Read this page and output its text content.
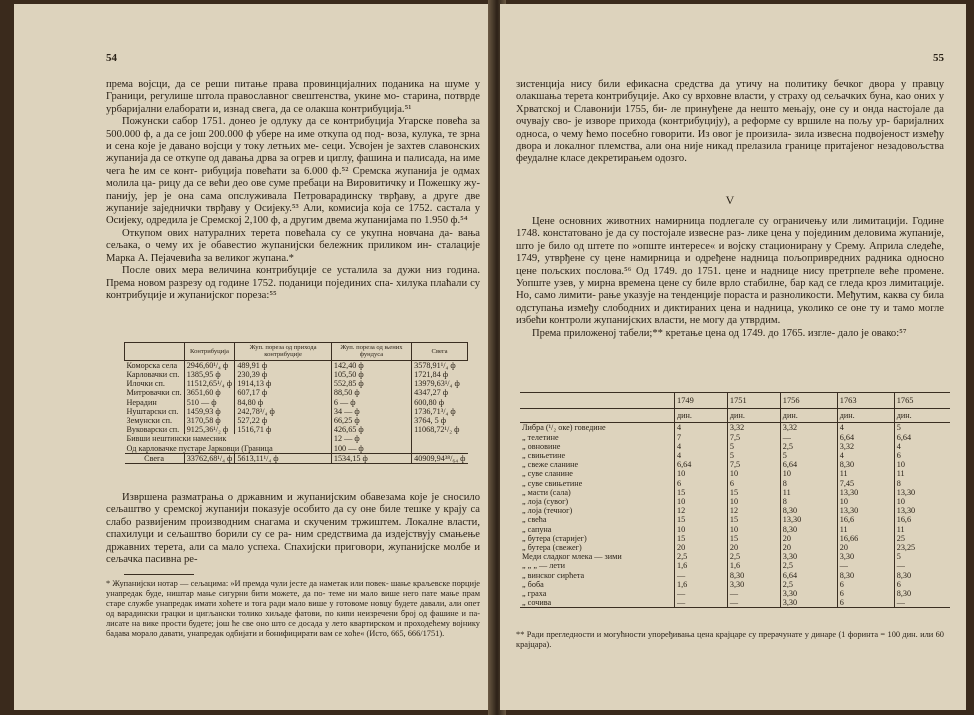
54

према војсци, да се реши питање права провинцијалних поданика на шуме у Граници, регулише штола православног свештенства, укине мо- старина, потврде урбаријални елаборати и, изнад свега, да се олакша контрибуција.⁵¹

Пожунски сабор 1751. донео је одлуку да се контрибуција Угарске повећа за 500.000 ф, а да се још 200.000 ф убере на име откупа од под- воза, кулука, те зрна и сена које је давано војсци у току летњих ме- сеци. Усвојен је захтев славонских жупанија да се откупе од давања дрва за огрев и циглу, фашина и палисада, на име чега ће им се конт- рибуција повећати за 6.000 ф.⁵² Сремска жупанија је одмах молила ца- рицу да се већи део ове суме пребаци на Вировитичку и Пожешку жу- панију, јер је она сама опслуживала Петроварадинску тврђаву, а друге две жупаније заједнички тврђаву у Осијеку.⁵³ Али, комисија која се 1752. састала у Осијеку, одредила је Сремској 2,100 ф, а другим двема жупанијама по 1.950 ф.⁵⁴

Откупом ових натуралних терета повећала су се укупна новчана да- вања сељака, о чему их је обавестио жупанијски бележник приликом ин- сталације Марка А. Пејачевића за великог жупана.*

После ових мера величина контрибуције се усталила за дужи низ година. Према новом разрезу од године 1752. поданици појединих спа- хилука плаћали су контрибуције и жупанијског пореза:⁵⁵

	Контрибуција	Жуп. пореза од прихода контрибуције	Жуп. пореза од њених фундуса	Свега
Коморска села	2946,60¹/₄ ф	489,91 ф	142,40 ф	3578,91¹/₄ ф
Карловачки сп.	1385,95 ф	230,39 ф	105,50 ф	1721,84 ф
Илочки сп.	11512,65¹/₄ ф	1914,13 ф	552,85 ф	13979,63¹/₄ ф
Митровачки сп.	3651,60 ф	607,17 ф	88,50 ф	4347,27 ф
Нерадин	510 — ф	84,80 ф	6 — ф	600,80 ф
Нуштарски сп.	1459,93 ф	242,78³/₄ ф	34 — ф	1736,71³/₄ ф
Земунски сп.	3170,58 ф	527,22 ф	66,25 ф	3764, 5 ф
Вуковарски сп.	9125,36¹/₂ ф	1516,71 ф	426,65 ф	11068,72¹/₂ ф
Бивши нештински намесник			12 — ф	
Од карловачке пустаре Јарковци (Граница			100 — ф	
Свега	33762,68¹/₄ ф	5613,11¹/₄ ф	1534,15 ф	40909,94³⁸/₆₄ ф

Извршена разматрања о државним и жупанијским обавезама које је сносило сељаштво у сремској жупанији показује особито да су оне биле тешке у крају са слабо развијеним производним снагама и скученим тржиштем. Локалне власти, спахилуци и сељаштво борили су се ра- ним средствима да издејствују смањење државних терета, али са мало успеха. Спахијски приговори, жупанијске молбе и сељачка пасивна ре-

* Жупанијски нотар — сељацима: »И премда чули јесте да наметак или повек- шање краљевске порције унапредак буде, ништар мање сигурни бити можете, да по- теме ни мало више него пате мање прам старе службе унапредак имати хоћете и тога ради мало више у готовоме новцу будете давали, али опет од варадински грацки и цигљански толико хиљаде фатови, по кипи неизречени број од фашине и па- лисате на вике прости будете; још ће све оно што се досада у лето квартирском и проходећему војнику бадава морало давати, унапредак одбијати и бонифицирати вам се хоће« (Исто, 665, 666/1751).
55

зистенција нису били ефикасна средства да утичу на политику бечког двора у правцу олакшања терета контрибуције. Ако су врховне власти, у страху од сељачких буна, као оних у Хрватској и Славонији 1755, би- ле принуђене да нешто мењају, оне су и онда настојале да очувају сво- је изворе прихода (контрибуцију), а реформе су вршиле на пољу ур- баријалних односа, о чему ћемо посебно говорити. Из овог је произила- зила извесна подвојеност између двора и локалног племства, али она није никад прелазила границе притајеног незадовољства феудалне класе декретирањем одозго.

V

Цене основних животних намирница подлегале су ограничењу или лимитацији. Године 1748. констатовано је да су постојале извесне раз- лике цена у појединим деловима жупаније, што је било од штете по »опште интересе« и војску стационирану у Срему. Априла следеће, 1749, утврђене су цене намирница и одређене надница пољопривредних радника односно цене пољских послова.⁵⁶ Од 1749. до 1751. цене и наднице нису претрпеле веће промене. Уопште узев, у мирна времена цене су биле врло стабилне, бар кад се гледа кроз лимитације. Но, само лимити- рање указује на тенденције пораста и разноликости. Међутим, каква су била одступања између слободних и диктираних цена и надница, уколико се оне ту и тамо могле избећи контроли жупанијских власти, не могу да утврдим.

Према приложеној табели;** кретање цена од 1749. до 1765. изгле- дало је овако:⁵⁷

	1749	1751	1756	1763	1765
	дин.	дин.	дин.	дин.	дин.
Либра (¹/₂ оке) говедине	4	3,32	3,32	4	5
„ телетине	7	7,5	—	6,64	6,64
„ овновине	4	5	2,5	3,32	4
„ свињетине	4	5	5	4	6
„ свеже сланине	6,64	7,5	6,64	8,30	10
„ суве сланине	10	10	10	11	11
„ суве свињетине	6	6	8	7,45	8
„ масти (сала)	15	15	11	13,30	13,30
„ лоја (сувог)	10	10	8	10	10
„ лоја (течног)	12	12	8,30	13,30	13,30
„ свећа	15	15	13,30	16,6	16,6
„ сапуна	10	10	8,30	11	11
„ бутера (старијег)	15	15	20	16,66	25
„ бутера (свежег)	20	20	20	20	23,25
Меди сладког млека — зими	2,5	2,5	3,30	3,30	5
„ „ „ — лети	1,6	1,6	2,5	—	—
„ винског сирћета	—	8,30	6,64	8,30	8,30
„ боба	1,6	3,30	2,5	6	6
„ граха	—	—	3,30	6	8,30
„ сочива	—	—	3,30	6	—
** Ради прегледности и могућности упоређивања цена крајцаре су прерачунате у динаре (1 форинта = 100 дин. или 60 крајцара).
